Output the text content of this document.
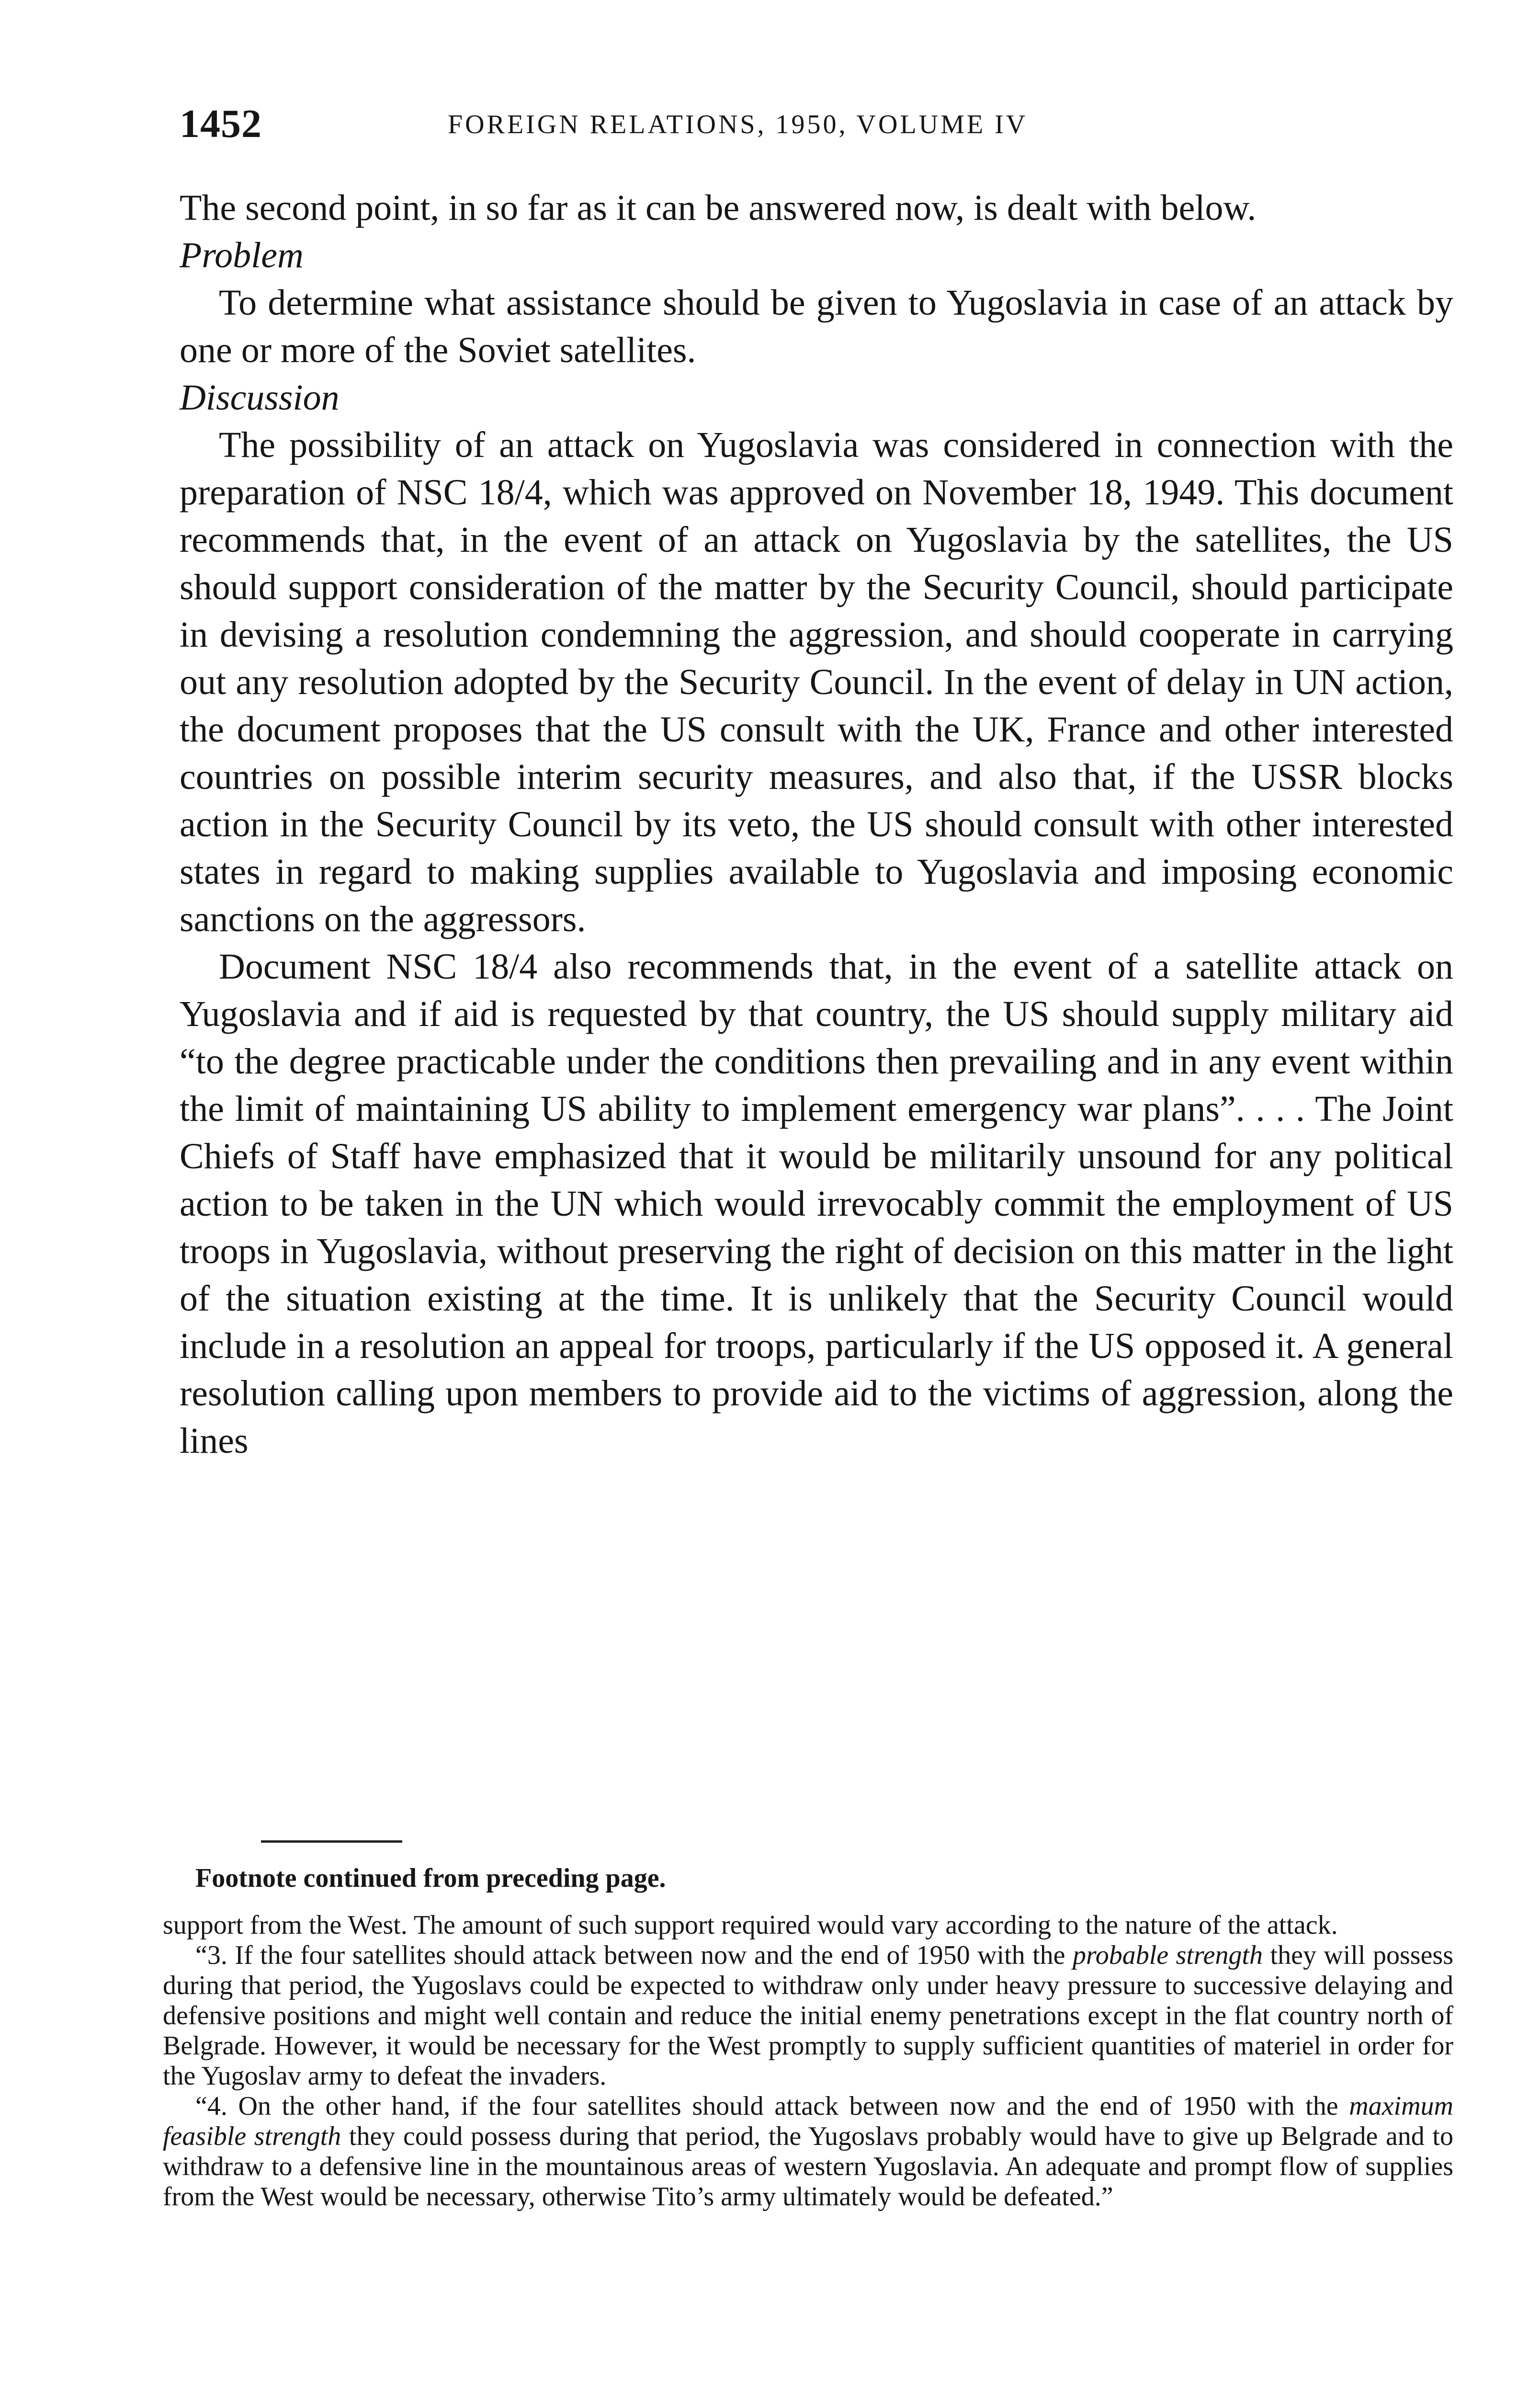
1452	FOREIGN RELATIONS, 1950, VOLUME IV

The second point, in so far as it can be answered now, is dealt with below.

Problem

To determine what assistance should be given to Yugoslavia in case of an attack by one or more of the Soviet satellites.

Discussion

The possibility of an attack on Yugoslavia was considered in connection with the preparation of NSC 18/4, which was approved on November 18, 1949. This document recommends that, in the event of an attack on Yugoslavia by the satellites, the US should support consideration of the matter by the Security Council, should participate in devising a resolution condemning the aggression, and should cooperate in carrying out any resolution adopted by the Security Council. In the event of delay in UN action, the document proposes that the US consult with the UK, France and other interested countries on possible interim security measures, and also that, if the USSR blocks action in the Security Council by its veto, the US should consult with other interested states in regard to making supplies available to Yugoslavia and imposing economic sanctions on the aggressors.

Document NSC 18/4 also recommends that, in the event of a satellite attack on Yugoslavia and if aid is requested by that country, the US should supply military aid “to the degree practicable under the conditions then prevailing and in any event within the limit of maintaining US ability to implement emergency war plans”. . . . The Joint Chiefs of Staff have emphasized that it would be militarily unsound for any political action to be taken in the UN which would irrevocably commit the employment of US troops in Yugoslavia, without preserving the right of decision on this matter in the light of the situation existing at the time. It is unlikely that the Security Council would include in a resolution an appeal for troops, particularly if the US opposed it. A general resolution calling upon members to provide aid to the victims of aggression, along the lines

Footnote continued from preceding page.

support from the West. The amount of such support required would vary according to the nature of the attack.

“3. If the four satellites should attack between now and the end of 1950 with the probable strength they will possess during that period, the Yugoslavs could be expected to withdraw only under heavy pressure to successive delaying and defensive positions and might well contain and reduce the initial enemy penetrations except in the flat country north of Belgrade. However, it would be necessary for the West promptly to supply sufficient quantities of materiel in order for the Yugoslav army to defeat the invaders.

“4. On the other hand, if the four satellites should attack between now and the end of 1950 with the maximum feasible strength they could possess during that period, the Yugoslavs probably would have to give up Belgrade and to withdraw to a defensive line in the mountainous areas of western Yugoslavia. An adequate and prompt flow of supplies from the West would be necessary, otherwise Tito’s army ultimately would be defeated.”
